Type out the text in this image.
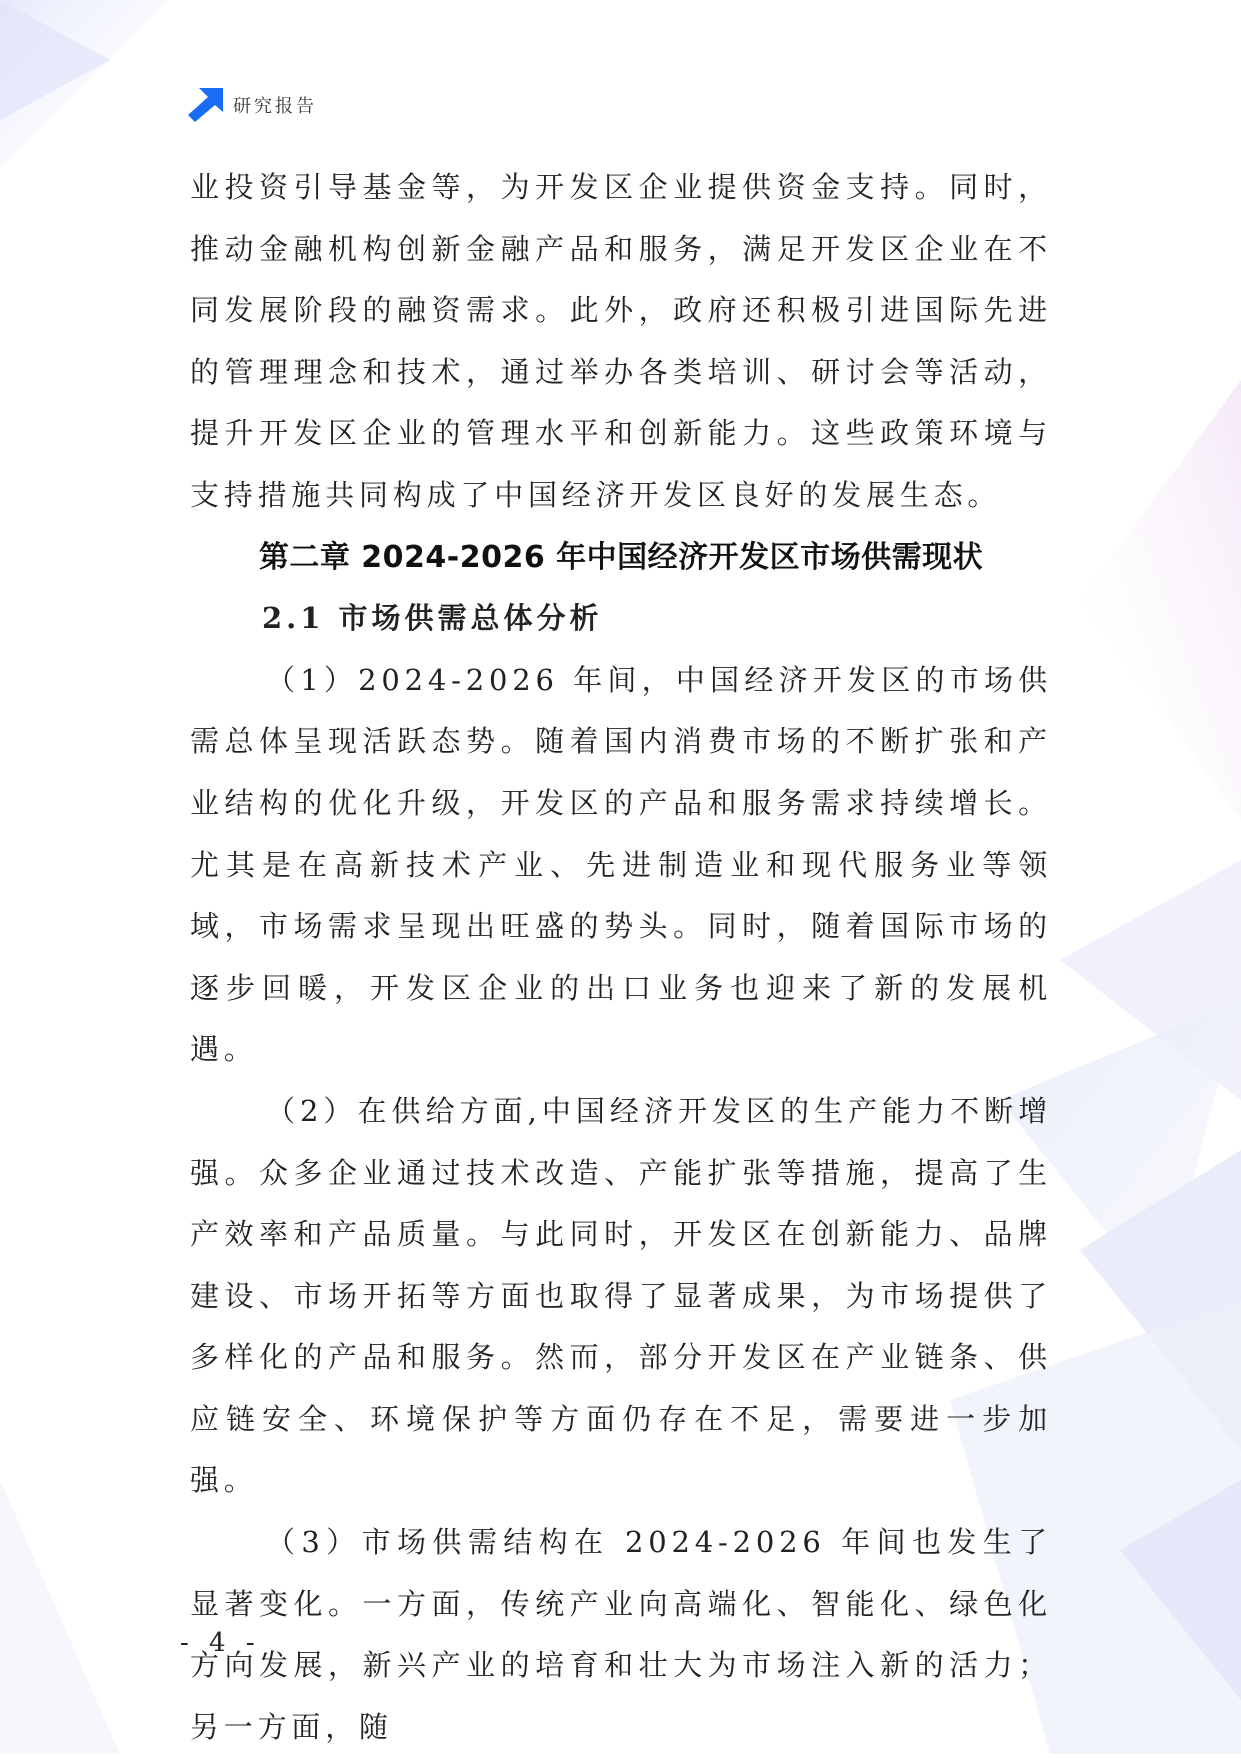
研究报告

业投资引导基金等，为开发区企业提供资金支持。同时，推动金融机构创新金融产品和服务，满足开发区企业在不同发展阶段的融资需求。此外，政府还积极引进国际先进的管理理念和技术，通过举办各类培训、研讨会等活动，提升开发区企业的管理水平和创新能力。这些政策环境与支持措施共同构成了中国经济开发区良好的发展生态。

第二章 2024-2026 年中国经济开发区市场供需现状
2.1 市场供需总体分析

（1）2024-2026 年间，中国经济开发区的市场供需总体呈现活跃态势。随着国内消费市场的不断扩张和产业结构的优化升级，开发区的产品和服务需求持续增长。尤其是在高新技术产业、先进制造业和现代服务业等领域，市场需求呈现出旺盛的势头。同时，随着国际市场的逐步回暖，开发区企业的出口业务也迎来了新的发展机遇。

（2）在供给方面,中国经济开发区的生产能力不断增强。众多企业通过技术改造、产能扩张等措施，提高了生产效率和产品质量。与此同时，开发区在创新能力、品牌建设、市场开拓等方面也取得了显著成果，为市场提供了多样化的产品和服务。然而，部分开发区在产业链条、供应链安全、环境保护等方面仍存在不足，需要进一步加强。

（3）市场供需结构在 2024-2026 年间也发生了显著变化。一方面，传统产业向高端化、智能化、绿色化方向发展，新兴产业的培育和壮大为市场注入新的活力；另一方面，随

- 4 -
